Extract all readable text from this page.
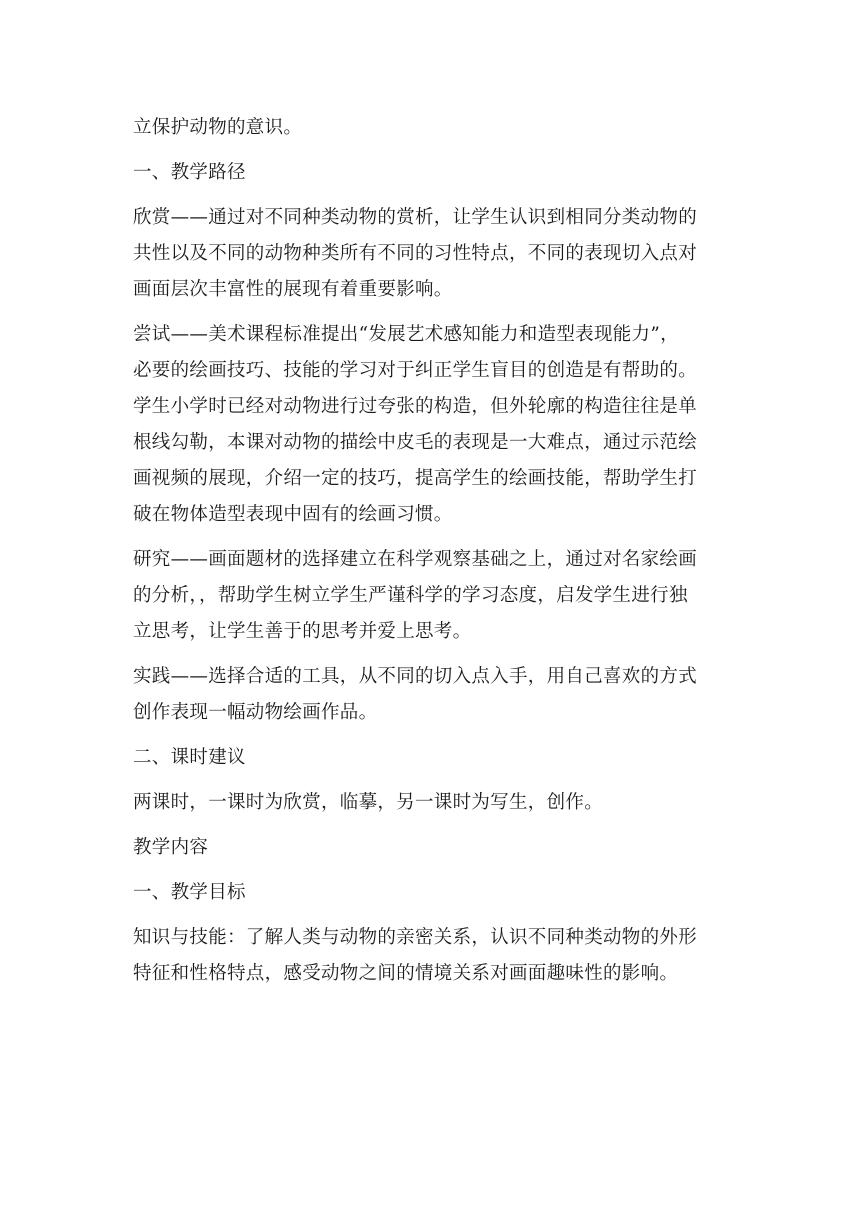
立保护动物的意识。

一、教学路径

欣赏——通过对不同种类动物的赏析，让学生认识到相同分类动物的
共性以及不同的动物种类所有不同的习性特点，不同的表现切入点对
画面层次丰富性的展现有着重要影响。

尝试——美术课程标准提出“发展艺术感知能力和造型表现能力”，
必要的绘画技巧、技能的学习对于纠正学生盲目的创造是有帮助的。
学生小学时已经对动物进行过夸张的构造，但外轮廓的构造往往是单
根线勾勒，本课对动物的描绘中皮毛的表现是一大难点，通过示范绘
画视频的展现，介绍一定的技巧，提高学生的绘画技能，帮助学生打
破在物体造型表现中固有的绘画习惯。

研究——画面题材的选择建立在科学观察基础之上，通过对名家绘画
的分析，，帮助学生树立学生严谨科学的学习态度，启发学生进行独
立思考，让学生善于的思考并爱上思考。

实践——选择合适的工具，从不同的切入点入手，用自己喜欢的方式
创作表现一幅动物绘画作品。

二、课时建议

两课时，一课时为欣赏，临摹，另一课时为写生，创作。

教学内容

一、教学目标

知识与技能：了解人类与动物的亲密关系，认识不同种类动物的外形
特征和性格特点，感受动物之间的情境关系对画面趣味性的影响。
